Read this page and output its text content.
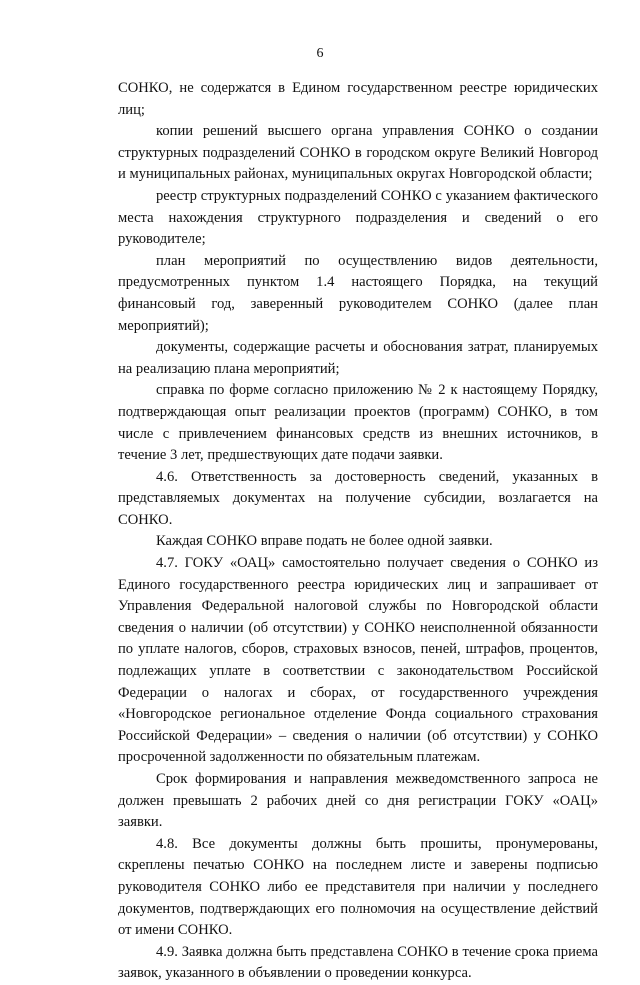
6

СОНКО, не содержатся в Едином государственном реестре юридических лиц;

копии решений высшего органа управления СОНКО о создании структурных подразделений СОНКО в городском округе Великий Новгород и муниципальных районах, муниципальных округах Новгородской области;

реестр структурных подразделений СОНКО с указанием фактического места нахождения структурного подразделения и сведений о его руководителе;

план мероприятий по осуществлению видов деятельности, предусмотренных пунктом 1.4 настоящего Порядка, на текущий финансовый год, заверенный руководителем СОНКО (далее план мероприятий);

документы, содержащие расчеты и обоснования затрат, планируемых на реализацию плана мероприятий;

справка по форме согласно приложению № 2 к настоящему Порядку, подтверждающая опыт реализации проектов (программ) СОНКО, в том числе с привлечением финансовых средств из внешних источников, в течение 3 лет, предшествующих дате подачи заявки.

4.6. Ответственность за достоверность сведений, указанных в представляемых документах на получение субсидии, возлагается на СОНКО.

Каждая СОНКО вправе подать не более одной заявки.

4.7. ГОКУ «ОАЦ» самостоятельно получает сведения о СОНКО из Единого государственного реестра юридических лиц и запрашивает от Управления Федеральной налоговой службы по Новгородской области сведения о наличии (об отсутствии) у СОНКО неисполненной обязанности по уплате налогов, сборов, страховых взносов, пеней, штрафов, процентов, подлежащих уплате в соответствии с законодательством Российской Федерации о налогах и сборах, от государственного учреждения «Новгородское региональное отделение Фонда социального страхования Российской Федерации» – сведения о наличии (об отсутствии) у СОНКО просроченной задолженности по обязательным платежам.

Срок формирования и направления межведомственного запроса не должен превышать 2 рабочих дней со дня регистрации ГОКУ «ОАЦ» заявки.

4.8. Все документы должны быть прошиты, пронумерованы, скреплены печатью СОНКО на последнем листе и заверены подписью руководителя СОНКО либо ее представителя при наличии у последнего документов, подтверждающих его полномочия на осуществление действий от имени СОНКО.

4.9. Заявка должна быть представлена СОНКО в течение срока приема заявок, указанного в объявлении о проведении конкурса.
